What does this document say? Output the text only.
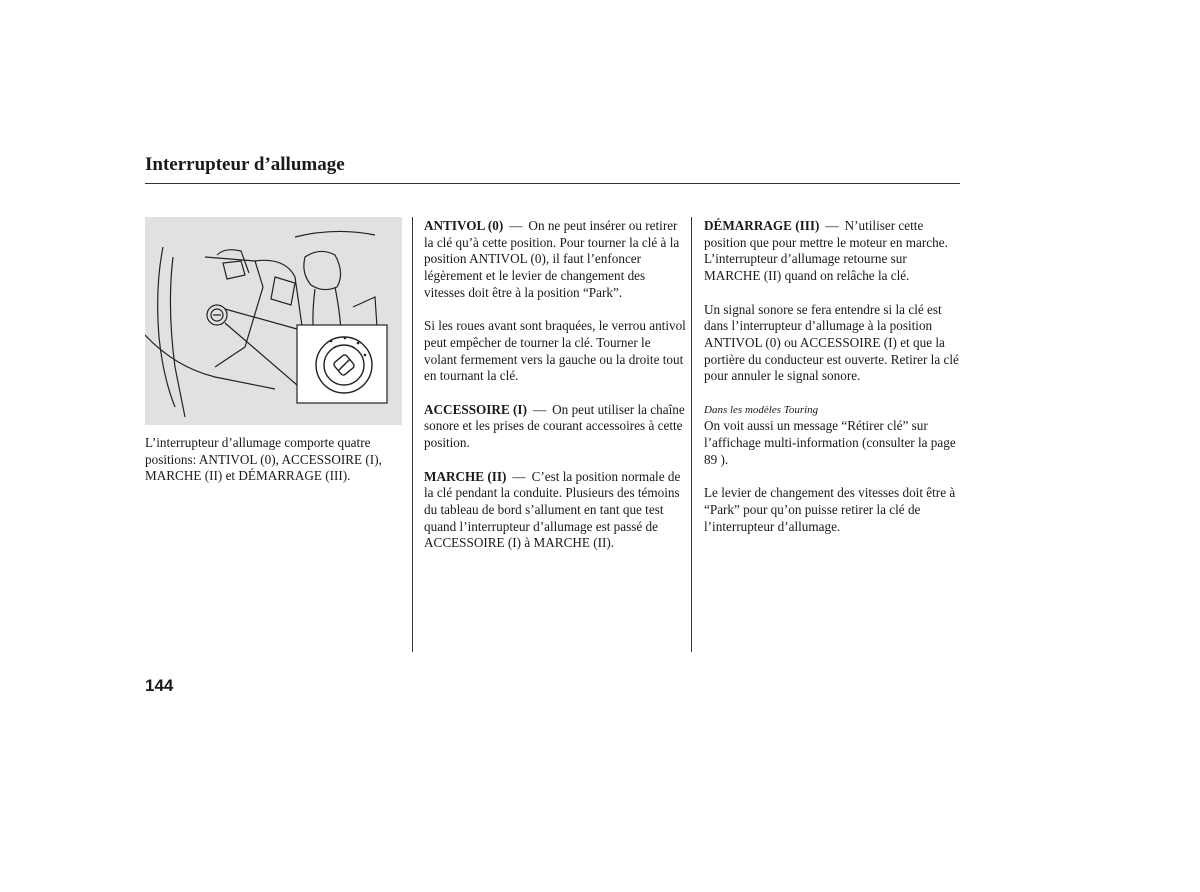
Interrupteur d’allumage

L’interrupteur d’allumage comporte quatre positions: ANTIVOL (0), ACCESSOIRE (I), MARCHE (II) et DÉMARRAGE (III).

ANTIVOL (0) — On ne peut insérer ou retirer la clé qu’à cette position. Pour tourner la clé à la position ANTIVOL (0), il faut l’enfoncer légèrement et le levier de changement des vitesses doit être à la position “Park”.

Si les roues avant sont braquées, le verrou antivol peut empêcher de tourner la clé. Tourner le volant fermement vers la gauche ou la droite tout en tournant la clé.

ACCESSOIRE (I) — On peut utiliser la chaîne sonore et les prises de courant accessoires à cette position.

MARCHE (II) — C’est la position normale de la clé pendant la conduite. Plusieurs des témoins du tableau de bord s’allument en tant que test quand l’interrupteur d’allumage est passé de ACCESSOIRE (I) à MARCHE (II).

DÉMARRAGE (III) — N’utiliser cette position que pour mettre le moteur en marche. L’interrupteur d’allumage retourne sur MARCHE (II) quand on relâche la clé.

Un signal sonore se fera entendre si la clé est dans l’interrupteur d’allumage à la position ANTIVOL (0) ou ACCESSOIRE (I) et que la portière du conducteur est ouverte. Retirer la clé pour annuler le signal sonore.

Dans les modèles Touring
On voit aussi un message “Rétirer clé” sur l’affichage multi-information (consulter la page 89 ).

Le levier de changement des vitesses doit être à “Park” pour qu’on puisse retirer la clé de l’interrupteur d’allumage.

144
